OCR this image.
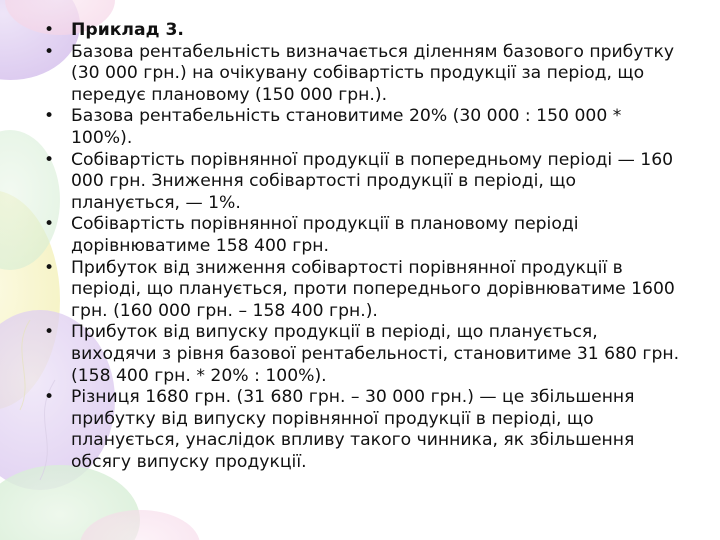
• Приклад 3.
• Базова рентабельність визначається діленням базового прибутку (30 000 грн.) на очікувану собівартість продукції за період, що передує плановому (150 000 грн.).
• Базова рентабельність становитиме 20% (30 000 : 150 000 * 100%).
• Собівартість порівнянної продукції в попередньому періоді — 160 000 грн. Зниження собівартості продукції в періоді, що планується, — 1%.
• Собівартість порівнянної продукції в плановому періоді дорівнюватиме 158 400 грн.
• Прибуток від зниження собівартості порівнянної продукції в періоді, що планується, проти попереднього дорівнюватиме 1600 грн. (160 000 грн. – 158 400 грн.).
• Прибуток від випуску продукції в періоді, що планується, виходячи з рівня базової рентабельності, становитиме 31 680 грн. (158 400 грн. * 20% : 100%).
• Різниця 1680 грн. (31 680 грн. – 30 000 грн.) — це збільшення прибутку від випуску порівнянної продукції в періоді, що планується, унаслідок впливу такого чинника, як збільшення обсягу випуску продукції.
